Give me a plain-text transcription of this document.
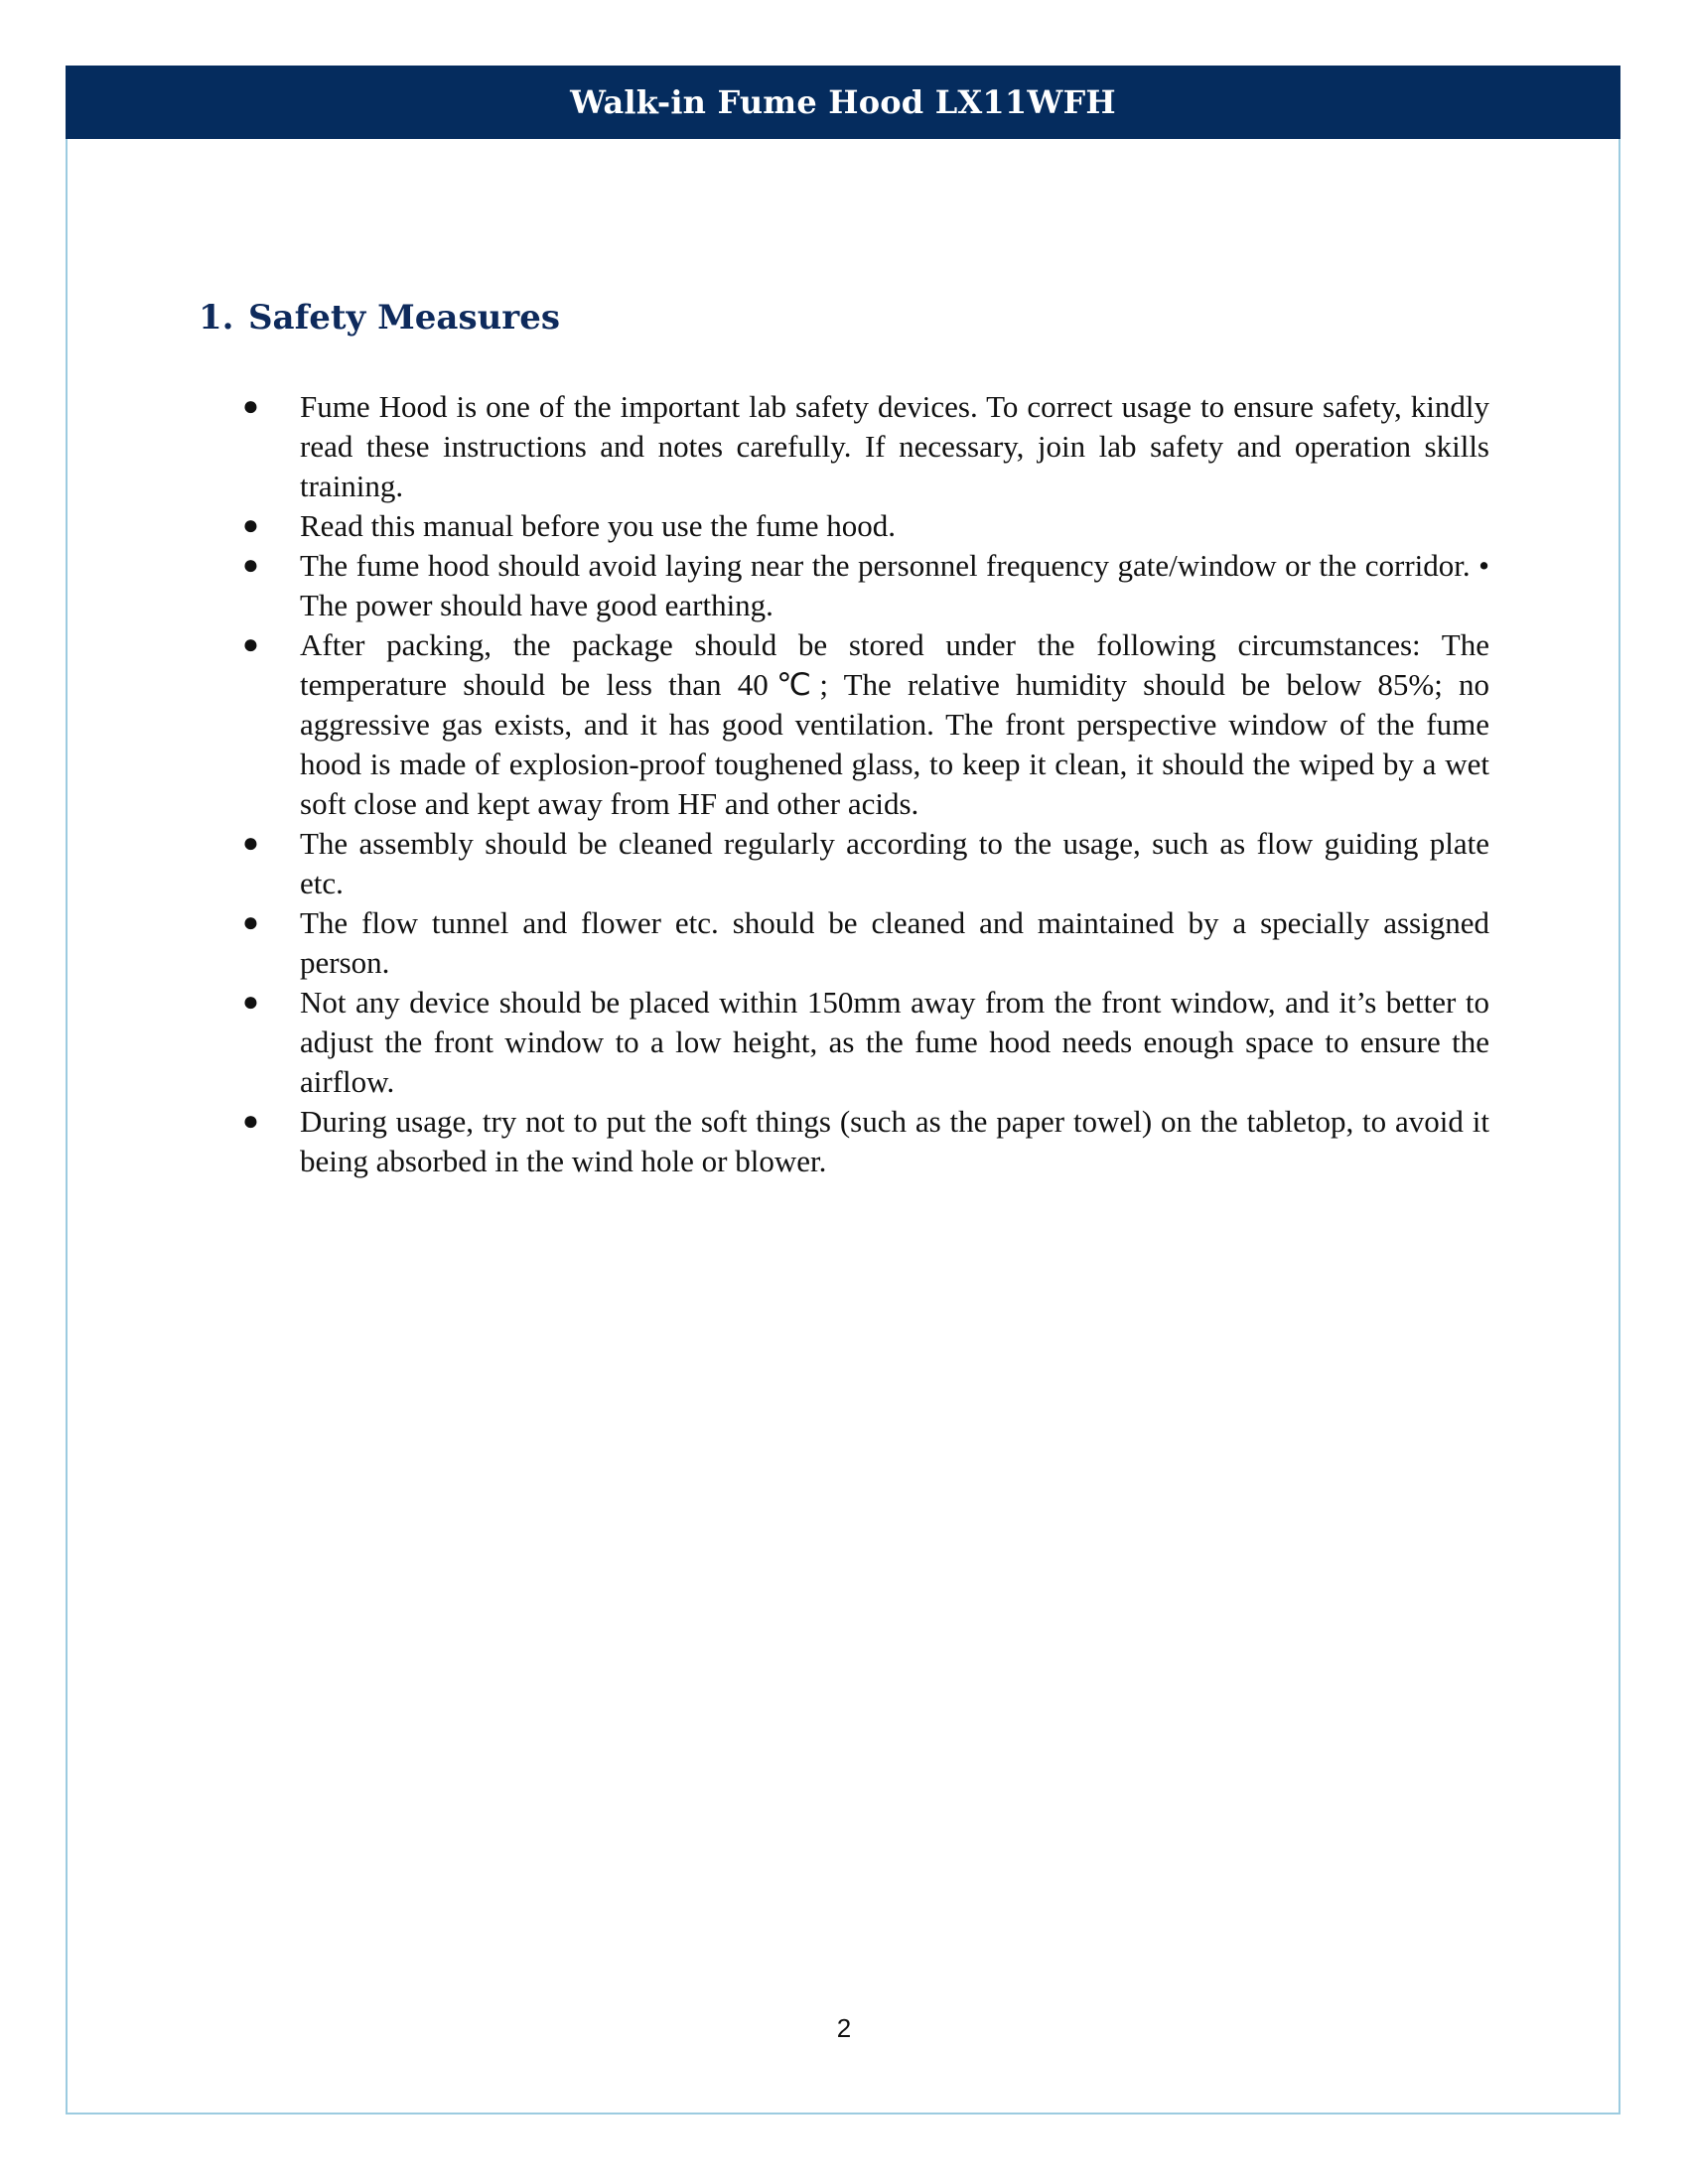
Walk-in Fume Hood LX11WFH
1. Safety Measures
● Fume Hood is one of the important lab safety devices. To correct usage to ensure safety, kindly read these instructions and notes carefully. If necessary, join lab safety and operation skills training.
● Read this manual before you use the fume hood.
● The fume hood should avoid laying near the personnel frequency gate/window or the corridor. • The power should have good earthing.
● After packing, the package should be stored under the following circumstances: The temperature should be less than 40℃; The relative humidity should be below 85%; no aggressive gas exists, and it has good ventilation. The front perspective window of the fume hood is made of explosion-proof toughened glass, to keep it clean, it should the wiped by a wet soft close and kept away from HF and other acids.
● The assembly should be cleaned regularly according to the usage, such as flow guiding plate etc.
● The flow tunnel and flower etc. should be cleaned and maintained by a specially assigned person.
● Not any device should be placed within 150mm away from the front window, and it’s better to adjust the front window to a low height, as the fume hood needs enough space to ensure the airflow.
● During usage, try not to put the soft things (such as the paper towel) on the tabletop, to avoid it being absorbed in the wind hole or blower.
2
